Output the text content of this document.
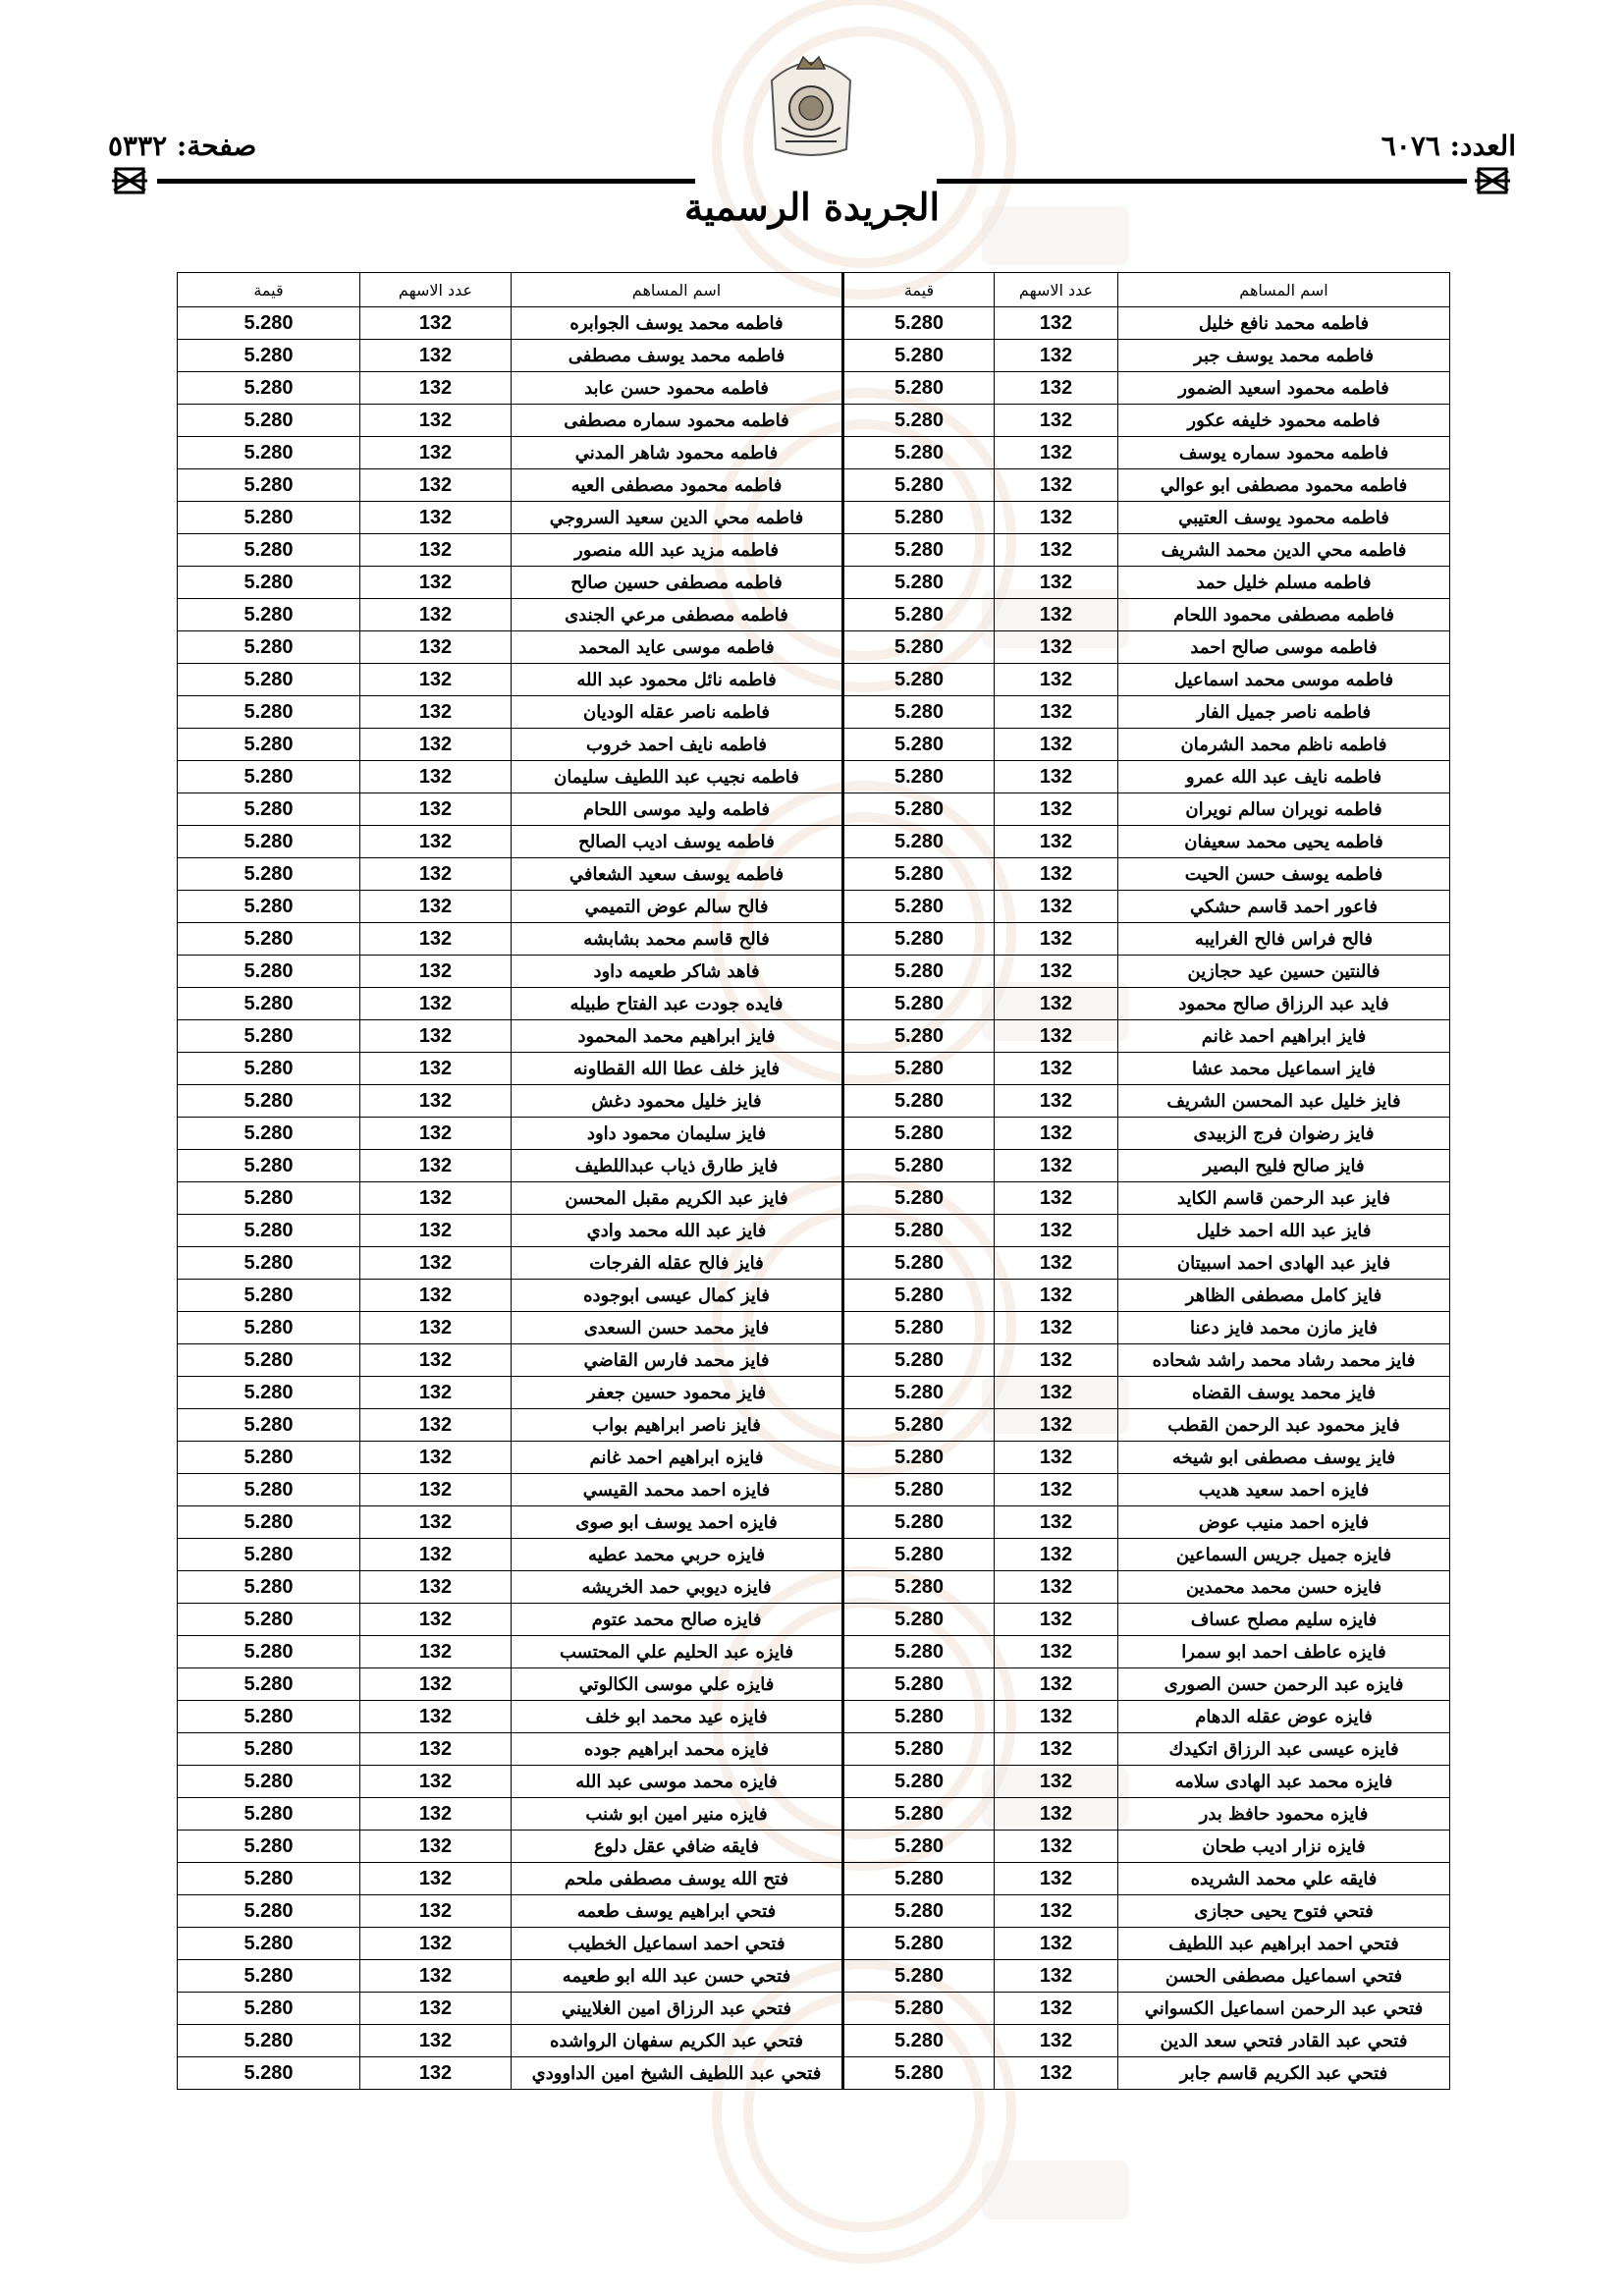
العدد: ٦٠٧٦
صفحة: ٥٣٣٢
الجريدة الرسمية
اسم المساهم	عدد الاسهم	قيمة	اسم المساهم	عدد الاسهم	قيمة
فاطمه محمد نافع خليل	132	5.280	فاطمه محمد يوسف الجوابره	132	5.280
فاطمه محمد يوسف جبر	132	5.280	فاطمه محمد يوسف مصطفى	132	5.280
فاطمه محمود اسعيد الضمور	132	5.280	فاطمه محمود حسن عابد	132	5.280
فاطمه محمود خليفه عكور	132	5.280	فاطمه محمود سماره مصطفى	132	5.280
فاطمه محمود سماره يوسف	132	5.280	فاطمه محمود شاهر المدني	132	5.280
فاطمه محمود مصطفى ابو عوالي	132	5.280	فاطمه محمود مصطفى العيه	132	5.280
فاطمه محمود يوسف العتيبي	132	5.280	فاطمه محي الدين سعيد السروجي	132	5.280
فاطمه محي الدين محمد الشريف	132	5.280	فاطمه مزيد عبد الله منصور	132	5.280
فاطمه مسلم خليل حمد	132	5.280	فاطمه مصطفى حسين صالح	132	5.280
فاطمه مصطفى محمود اللحام	132	5.280	فاطمه مصطفى مرعي الجندى	132	5.280
فاطمه موسى صالح احمد	132	5.280	فاطمه موسى عايد المحمد	132	5.280
فاطمه موسى محمد اسماعيل	132	5.280	فاطمه نائل محمود عبد الله	132	5.280
فاطمه ناصر جميل الفار	132	5.280	فاطمه ناصر عقله الوديان	132	5.280
فاطمه ناظم محمد الشرمان	132	5.280	فاطمه نايف احمد خروب	132	5.280
فاطمه نايف عبد الله عمرو	132	5.280	فاطمه نجيب عبد اللطيف سليمان	132	5.280
فاطمه نويران سالم نويران	132	5.280	فاطمه وليد موسى اللحام	132	5.280
فاطمه يحيى محمد سعيفان	132	5.280	فاطمه يوسف اديب الصالح	132	5.280
فاطمه يوسف حسن الحيت	132	5.280	فاطمه يوسف سعيد الشعافي	132	5.280
فاعور احمد قاسم حشكي	132	5.280	فالح سالم عوض التميمي	132	5.280
فالح فراس فالح الغرايبه	132	5.280	فالح قاسم محمد بشابشه	132	5.280
فالنتين حسين عيد حجازين	132	5.280	فاهد شاكر طعيمه داود	132	5.280
فايد عبد الرزاق صالح محمود	132	5.280	فايده جودت عبد الفتاح طبيله	132	5.280
فايز ابراهيم احمد غانم	132	5.280	فايز ابراهيم محمد المحمود	132	5.280
فايز اسماعيل محمد عشا	132	5.280	فايز خلف عطا الله القطاونه	132	5.280
فايز خليل عبد المحسن الشريف	132	5.280	فايز خليل محمود دغش	132	5.280
فايز رضوان فرج الزبيدى	132	5.280	فايز سليمان محمود داود	132	5.280
فايز صالح فليح البصير	132	5.280	فايز طارق ذياب عبداللطيف	132	5.280
فايز عبد الرحمن قاسم الكايد	132	5.280	فايز عبد الكريم مقبل المحسن	132	5.280
فايز عبد الله احمد خليل	132	5.280	فايز عبد الله محمد وادي	132	5.280
فايز عبد الهادى احمد اسبيتان	132	5.280	فايز فالح عقله الفرجات	132	5.280
فايز كامل مصطفى الظاهر	132	5.280	فايز كمال عيسى ابوجوده	132	5.280
فايز مازن محمد فايز دعنا	132	5.280	فايز محمد حسن السعدى	132	5.280
فايز محمد رشاد محمد راشد شحاده	132	5.280	فايز محمد فارس القاضي	132	5.280
فايز محمد يوسف القضاه	132	5.280	فايز محمود حسين جعفر	132	5.280
فايز محمود عبد الرحمن القطب	132	5.280	فايز ناصر ابراهيم بواب	132	5.280
فايز يوسف مصطفى ابو شيخه	132	5.280	فايزه ابراهيم احمد غانم	132	5.280
فايزه احمد سعيد هديب	132	5.280	فايزه احمد محمد القيسي	132	5.280
فايزه احمد منيب عوض	132	5.280	فايزه احمد يوسف ابو صوى	132	5.280
فايزه جميل جريس السماعين	132	5.280	فايزه حربي محمد عطيه	132	5.280
فايزه حسن محمد محمدين	132	5.280	فايزه ديوبي حمد الخريشه	132	5.280
فايزه سليم مصلح عساف	132	5.280	فايزه صالح محمد عتوم	132	5.280
فايزه عاطف احمد ابو سمرا	132	5.280	فايزه عبد الحليم علي المحتسب	132	5.280
فايزه عبد الرحمن حسن الصورى	132	5.280	فايزه علي موسى الكالوتي	132	5.280
فايزه عوض عقله الدهام	132	5.280	فايزه عيد محمد ابو خلف	132	5.280
فايزه عيسى عبد الرزاق اتكيدك	132	5.280	فايزه محمد ابراهيم جوده	132	5.280
فايزه محمد عبد الهادى سلامه	132	5.280	فايزه محمد موسى عبد الله	132	5.280
فايزه محمود حافظ بدر	132	5.280	فايزه منير امين ابو شنب	132	5.280
فايزه نزار اديب طحان	132	5.280	فايقه ضافي عقل دلوع	132	5.280
فايقه علي محمد الشريده	132	5.280	فتح الله يوسف مصطفى ملحم	132	5.280
فتحي فتوح يحيى حجازى	132	5.280	فتحي ابراهيم يوسف طعمه	132	5.280
فتحي احمد ابراهيم عبد اللطيف	132	5.280	فتحي احمد اسماعيل الخطيب	132	5.280
فتحي اسماعيل مصطفى الحسن	132	5.280	فتحي حسن عبد الله ابو طعيمه	132	5.280
فتحي عبد الرحمن اسماعيل الكسواني	132	5.280	فتحي عبد الرزاق امين الغلاييني	132	5.280
فتحي عبد القادر فتحي سعد الدين	132	5.280	فتحي عبد الكريم سفهان الرواشده	132	5.280
فتحي عبد الكريم قاسم جابر	132	5.280	فتحي عبد اللطيف الشيخ امين الداوودي	132	5.280
